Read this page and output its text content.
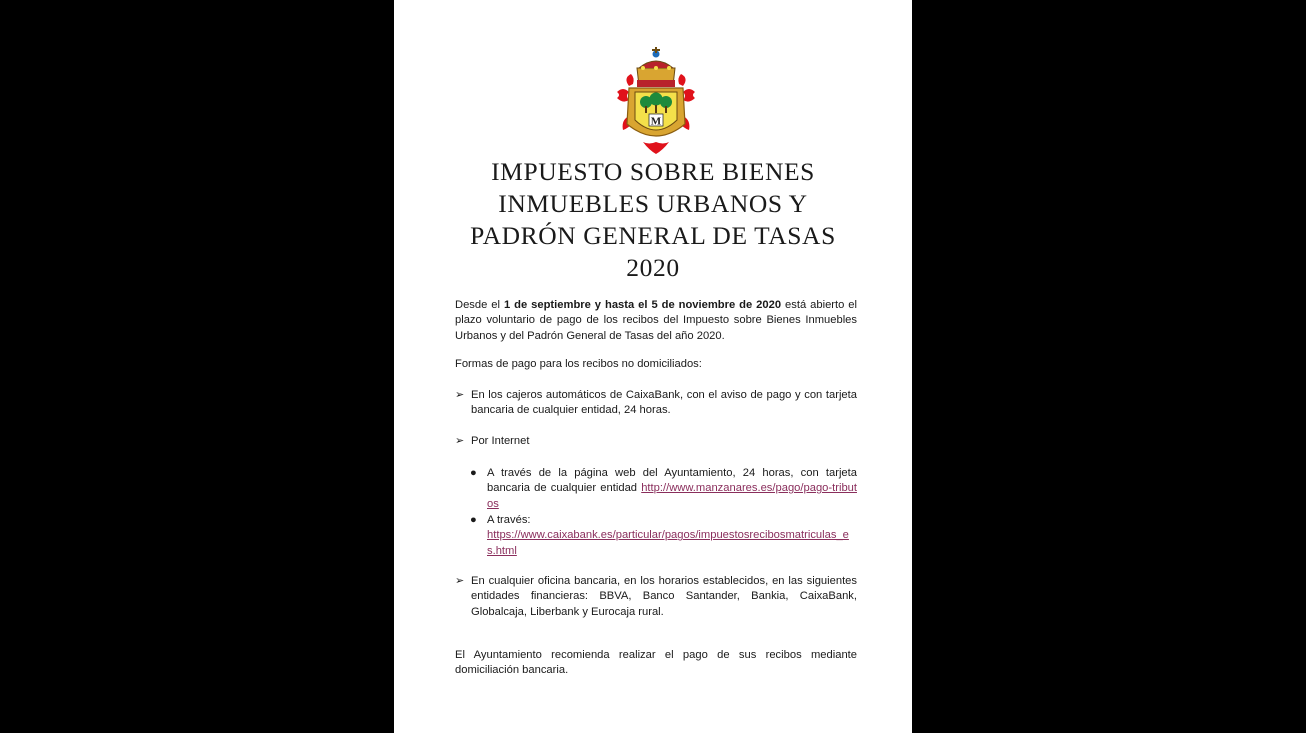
M
IMPUESTO SOBRE BIENES
INMUEBLES URBANOS Y
PADRÓN GENERAL DE TASAS
2020

Desde el 1 de septiembre y hasta el 5 de noviembre de 2020 está abierto el plazo voluntario de pago de los recibos del Impuesto sobre Bienes Inmuebles Urbanos y del Padrón General de Tasas del año 2020.

Formas de pago para los recibos no domiciliados:
➢ En los cajeros automáticos de CaixaBank, con el aviso de pago y con tarjeta bancaria de cualquier entidad, 24 horas.
➢ Por Internet
● A través de la página web del Ayuntamiento, 24 horas, con tarjeta bancaria de cualquier entidad http://www.manzanares.es/pago/pago-tributos
● A través:
https://www.caixabank.es/particular/pagos/impuestosrecibosmatriculas_es.html
➢ En cualquier oficina bancaria, en los horarios establecidos, en las siguientes entidades financieras: BBVA, Banco Santander, Bankia, CaixaBank, Globalcaja, Liberbank y Eurocaja rural.
El Ayuntamiento recomienda realizar el pago de sus recibos mediante domiciliación bancaria.
